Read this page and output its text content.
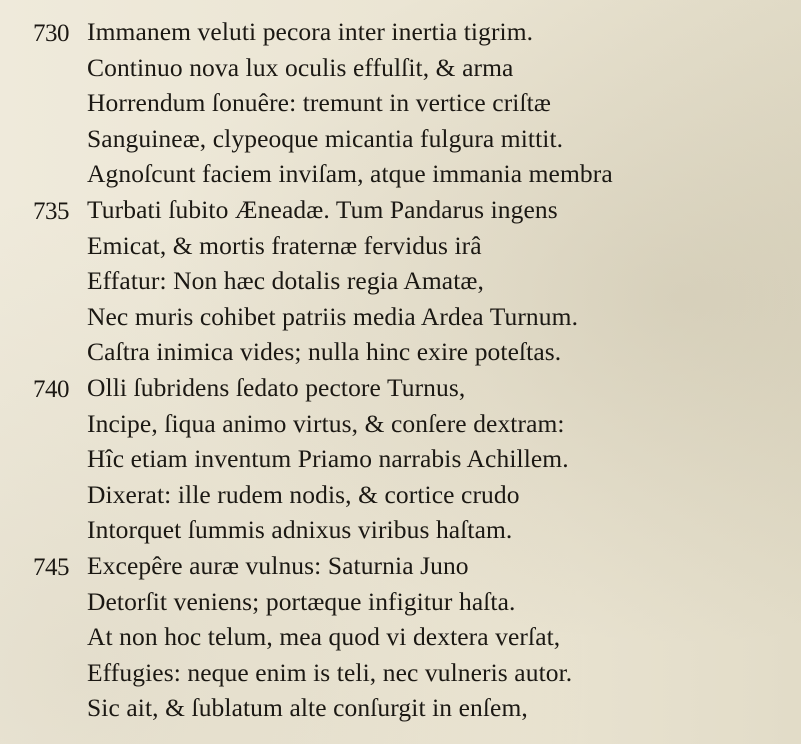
730 Immanem veluti pecora inter inertia tigrim.
Continuo nova lux oculis effulſit, & arma
Horrendum ſonuêre: tremunt in vertice criſtæ
Sanguineæ, clypeoque micantia fulgura mittit.
Agnoſcunt faciem inviſam, atque immania membra
735 Turbati ſubito Æneadæ. Tum Pandarus ingens
Emicat, & mortis fraternæ fervidus irâ
Effatur: Non hæc dotalis regia Amatæ,
Nec muris cohibet patriis media Ardea Turnum.
Caſtra inimica vides; nulla hinc exire poteſtas.
740 Olli ſubridens ſedato pectore Turnus,
Incipe, ſiqua animo virtus, & conſere dextram:
Hîc etiam inventum Priamo narrabis Achillem.
Dixerat: ille rudem nodis, & cortice crudo
Intorquet ſummis adnixus viribus haſtam.
745 Excepêre auræ vulnus: Saturnia Juno
Detorſit veniens; portæque infigitur haſta.
At non hoc telum, mea quod vi dextera verſat,
Effugies: neque enim is teli, nec vulneris autor.
Sic ait, & ſublatum alte conſurgit in enſem,
